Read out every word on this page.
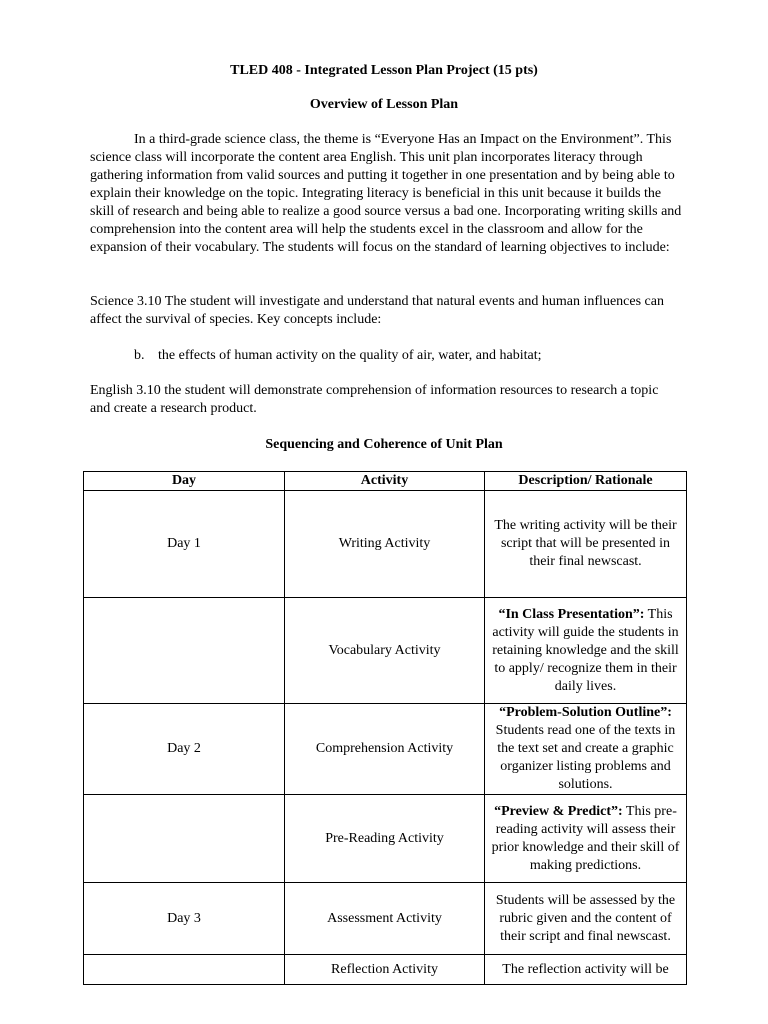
TLED 408 - Integrated Lesson Plan Project (15 pts)
Overview of Lesson Plan

In a third-grade science class, the theme is “Everyone Has an Impact on the Environment”. This science class will incorporate the content area English. This unit plan incorporates literacy through gathering information from valid sources and putting it together in one presentation and by being able to explain their knowledge on the topic. Integrating literacy is beneficial in this unit because it builds the skill of research and being able to realize a good source versus a bad one. Incorporating writing skills and comprehension into the content area will help the students excel in the classroom and allow for the expansion of their vocabulary. The students will focus on the standard of learning objectives to include:

Science 3.10 The student will investigate and understand that natural events and human influences can affect the survival of species. Key concepts include:

b. the effects of human activity on the quality of air, water, and habitat;

English 3.10 the student will demonstrate comprehension of information resources to research a topic and create a research product.

Sequencing and Coherence of Unit Plan
Day	Activity	Description/ Rationale
Day 1	Writing Activity	The writing activity will be their script that will be presented in their final newscast.
	Vocabulary Activity	“In Class Presentation”: This activity will guide the students in retaining knowledge and the skill to apply/ recognize them in their daily lives.
Day 2	Comprehension Activity	“Problem-Solution Outline”: Students read one of the texts in the text set and create a graphic organizer listing problems and solutions.
	Pre-Reading Activity	“Preview & Predict”: This pre-reading activity will assess their prior knowledge and their skill of making predictions.
Day 3	Assessment Activity	Students will be assessed by the rubric given and the content of their script and final newscast.
	Reflection Activity	The reflection activity will be
